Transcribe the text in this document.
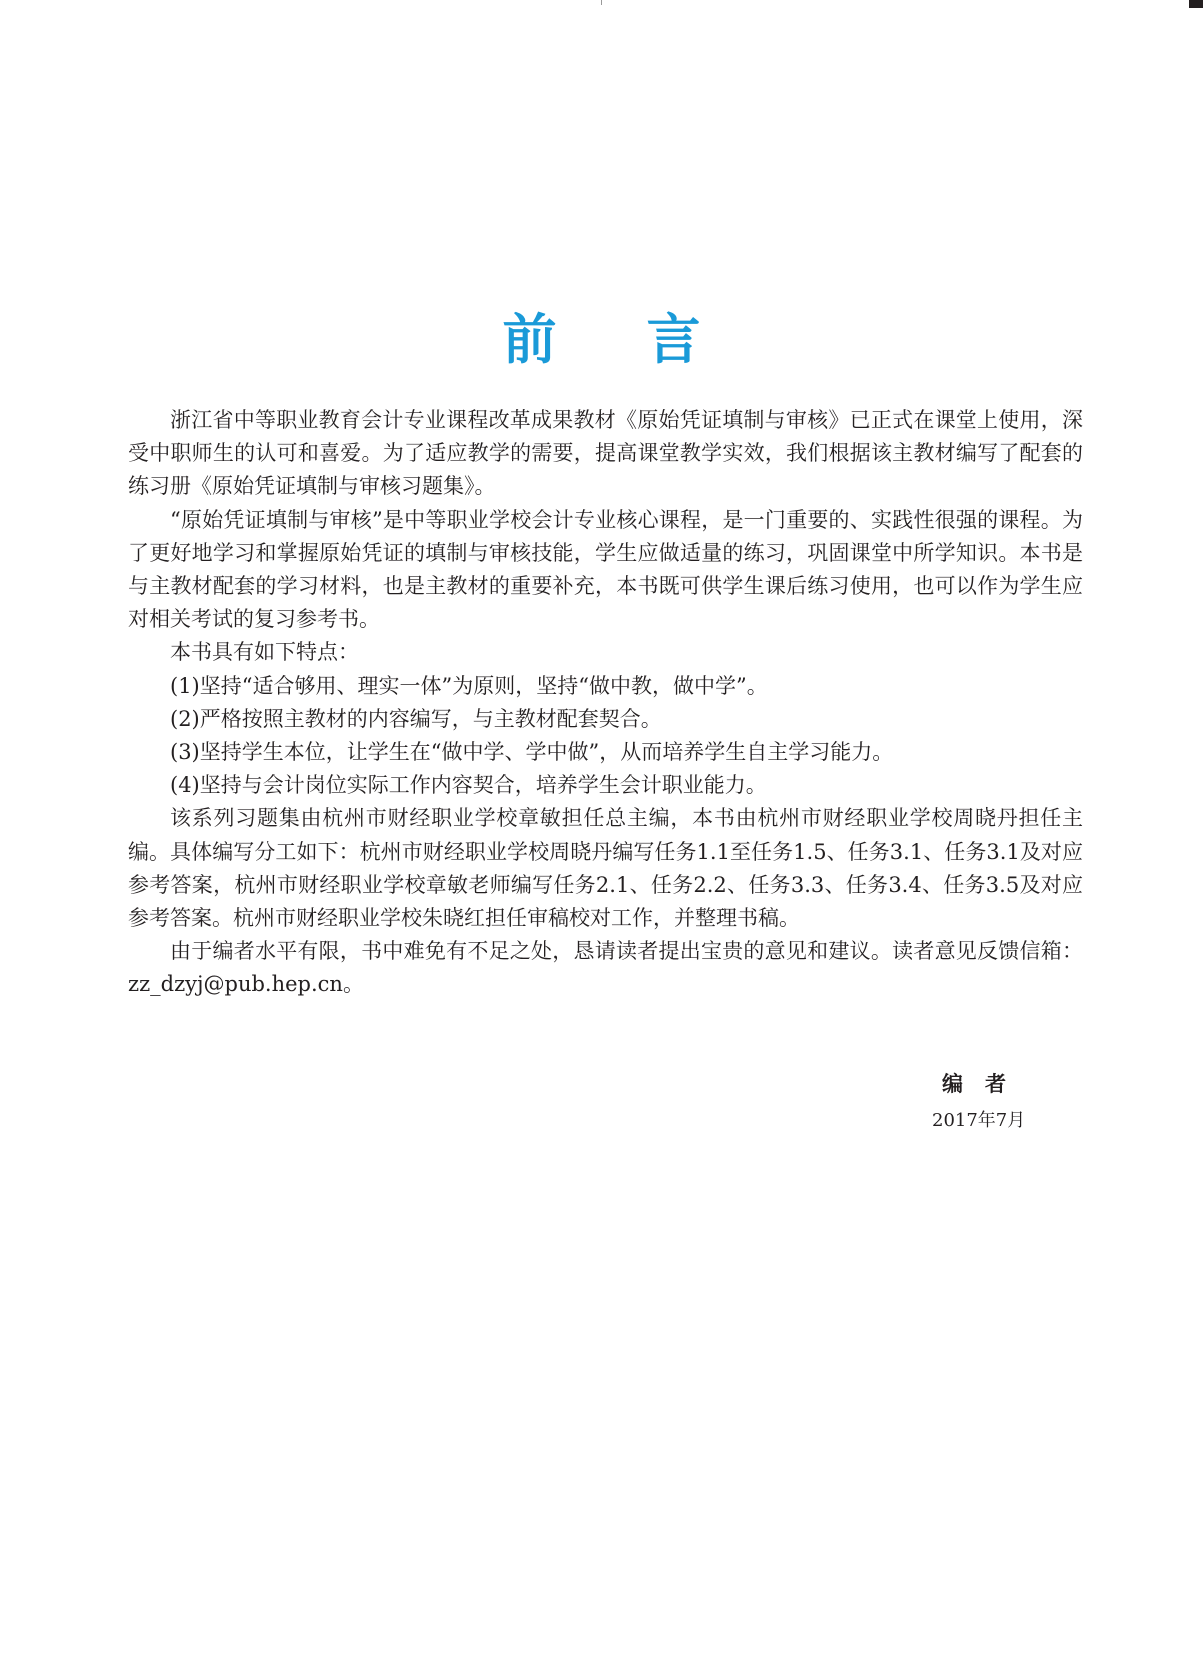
前言

浙江省中等职业教育会计专业课程改革成果教材《原始凭证填制与审核》已正式在课堂上使用，深受中职师生的认可和喜爱。为了适应教学的需要，提高课堂教学实效，我们根据该主教材编写了配套的练习册《原始凭证填制与审核习题集》。

“原始凭证填制与审核”是中等职业学校会计专业核心课程，是一门重要的、实践性很强的课程。为了更好地学习和掌握原始凭证的填制与审核技能，学生应做适量的练习，巩固课堂中所学知识。本书是与主教材配套的学习材料，也是主教材的重要补充，本书既可供学生课后练习使用，也可以作为学生应对相关考试的复习参考书。

本书具有如下特点：

(1)坚持“适合够用、理实一体”为原则，坚持“做中教，做中学”。

(2)严格按照主教材的内容编写，与主教材配套契合。

(3)坚持学生本位，让学生在“做中学、学中做”，从而培养学生自主学习能力。

(4)坚持与会计岗位实际工作内容契合，培养学生会计职业能力。

该系列习题集由杭州市财经职业学校章敏担任总主编，本书由杭州市财经职业学校周晓丹担任主编。具体编写分工如下：杭州市财经职业学校周晓丹编写任务1.1至任务1.5、任务3.1、任务3.1及对应参考答案，杭州市财经职业学校章敏老师编写任务2.1、任务2.2、任务3.3、任务3.4、任务3.5及对应参考答案。杭州市财经职业学校朱晓红担任审稿校对工作，并整理书稿。

由于编者水平有限，书中难免有不足之处，恳请读者提出宝贵的意见和建议。读者意见反馈信箱：zz_dzyj@pub.hep.cn。

编者
2017年7月
